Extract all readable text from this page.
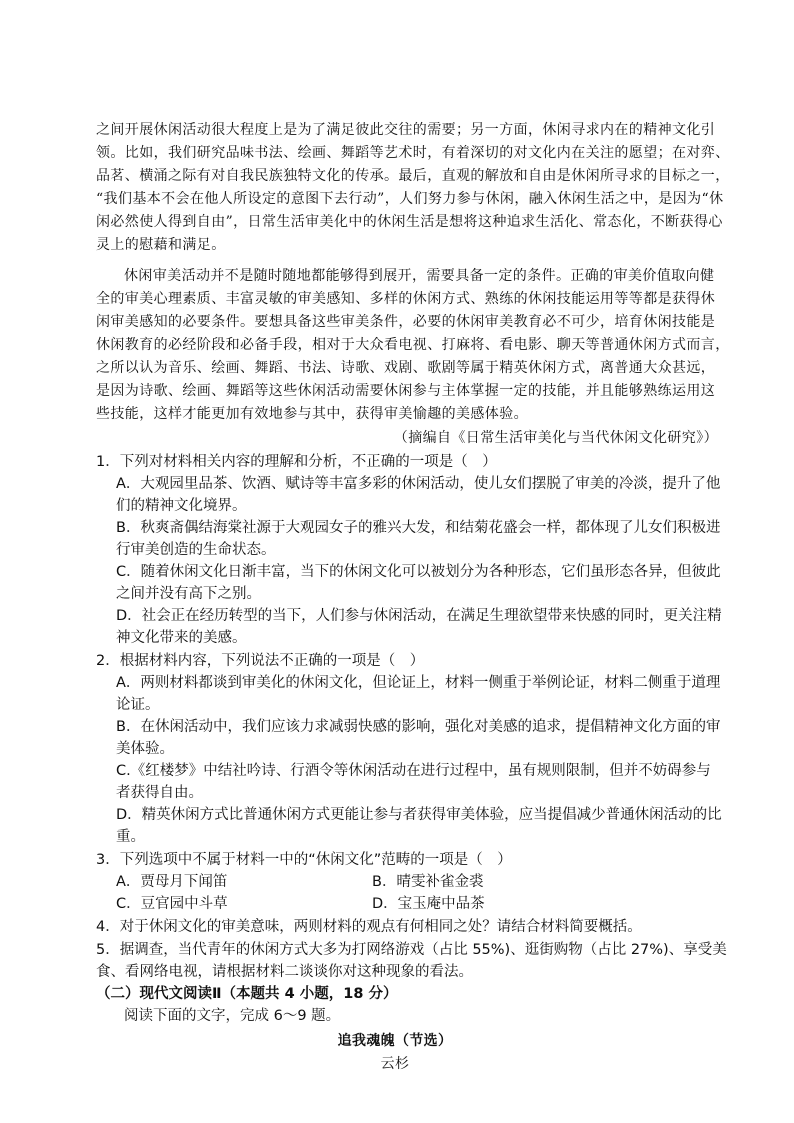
之间开展休闲活动很大程度上是为了满足彼此交往的需要；另一方面，休闲寻求内在的精神文化引
领。比如，我们研究品味书法、绘画、舞蹈等艺术时，有着深切的对文化内在关注的愿望；在对弈、
品茗、横涌之际有对自我民族独特文化的传承。最后，直观的解放和自由是休闲所寻求的目标之一，
“我们基本不会在他人所设定的意图下去行动”，人们努力参与休闲，融入休闲生活之中，是因为“休
闲必然使人得到自由”，日常生活审美化中的休闲生活是想将这种追求生活化、常态化，不断获得心
灵上的慰藉和满足。
休闲审美活动并不是随时随地都能够得到展开，需要具备一定的条件。正确的审美价值取向健
全的审美心理素质、丰富灵敏的审美感知、多样的休闲方式、熟练的休闲技能运用等等都是获得休
闲审美感知的必要条件。要想具备这些审美条件，必要的休闲审美教育必不可少，培育休闲技能是
休闲教育的必经阶段和必备手段，相对于大众看电视、打麻将、看电影、聊天等普通休闲方式而言，
之所以认为音乐、绘画、舞蹈、书法、诗歌、戏剧、歌剧等属于精英休闲方式，离普通大众甚远，
是因为诗歌、绘画、舞蹈等这些休闲活动需要休闲参与主体掌握一定的技能，并且能够熟练运用这
些技能，这样才能更加有效地参与其中，获得审美愉趣的美感体验。
（摘编自《日常生活审美化与当代休闲文化研究》）
1．下列对材料相关内容的理解和分析，不正确的一项是（　）
A．大观园里品茶、饮酒、赋诗等丰富多彩的休闲活动，使儿女们摆脱了审美的冷淡，提升了他
们的精神文化境界。
B．秋爽斋偶结海棠社源于大观园女子的雅兴大发，和结菊花盛会一样，都体现了儿女们积极进
行审美创造的生命状态。
C．随着休闲文化日渐丰富，当下的休闲文化可以被划分为各种形态，它们虽形态各异，但彼此
之间并没有高下之别。
D．社会正在经历转型的当下，人们参与休闲活动，在满足生理欲望带来快感的同时，更关注精
神文化带来的美感。
2．根据材料内容，下列说法不正确的一项是（　）
A．两则材料都谈到审美化的休闲文化，但论证上，材料一侧重于举例论证，材料二侧重于道理
论证。
B．在休闲活动中，我们应该力求减弱快感的影响，强化对美感的追求，提倡精神文化方面的审
美体验。
C.《红楼梦》中结社吟诗、行酒令等休闲活动在进行过程中，虽有规则限制，但并不妨碍参与
者获得自由。
D．精英休闲方式比普通休闲方式更能让参与者获得审美体验，应当提倡减少普通休闲活动的比
重。
3．下列选项中不属于材料一中的“休闲文化”范畴的一项是（　）
A．贾母月下闻笛	B．晴雯补雀金裘
C．豆官园中斗草	D．宝玉庵中品茶
4．对于休闲文化的审美意味，两则材料的观点有何相同之处？请结合材料简要概括。
5．据调查，当代青年的休闲方式大多为打网络游戏（占比 55%)、逛街购物（占比 27%)、享受美
食、看网络电视，请根据材料二谈谈你对这种现象的看法。
（二）现代文阅读Ⅱ（本题共 4 小题，18 分）
阅读下面的文字，完成 6～9 题。
追我魂魄（节选）
云杉
